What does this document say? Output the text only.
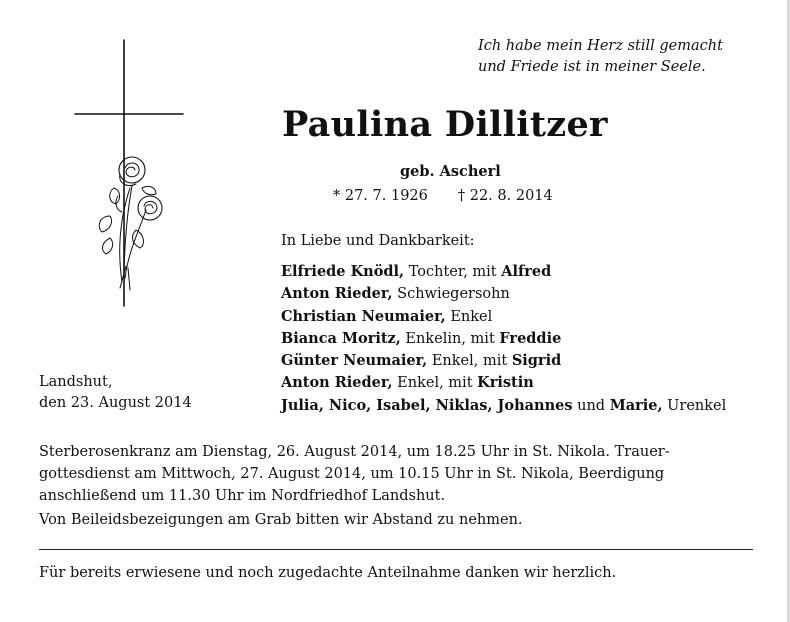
Ich habe mein Herz still gemacht
und Friede ist in meiner Seele.
Paulina Dillitzer
geb. Ascherl
* 27. 7. 1926 † 22. 8. 2014
In Liebe und Dankbarkeit:
Elfriede Knödl, Tochter, mit Alfred
Anton Rieder, Schwiegersohn
Christian Neumaier, Enkel
Bianca Moritz, Enkelin, mit Freddie
Günter Neumaier, Enkel, mit Sigrid
Anton Rieder, Enkel, mit Kristin
Julia, Nico, Isabel, Niklas, Johannes und Marie, Urenkel
Landshut,
den 23. August 2014
Sterberosenkranz am Dienstag, 26. August 2014, um 18.25 Uhr in St. Nikola. Trauer-
gottesdienst am Mittwoch, 27. August 2014, um 10.15 Uhr in St. Nikola, Beerdigung
anschließend um 11.30 Uhr im Nordfriedhof Landshut.
Von Beileidsbezeigungen am Grab bitten wir Abstand zu nehmen.
Für bereits erwiesene und noch zugedachte Anteilnahme danken wir herzlich.
